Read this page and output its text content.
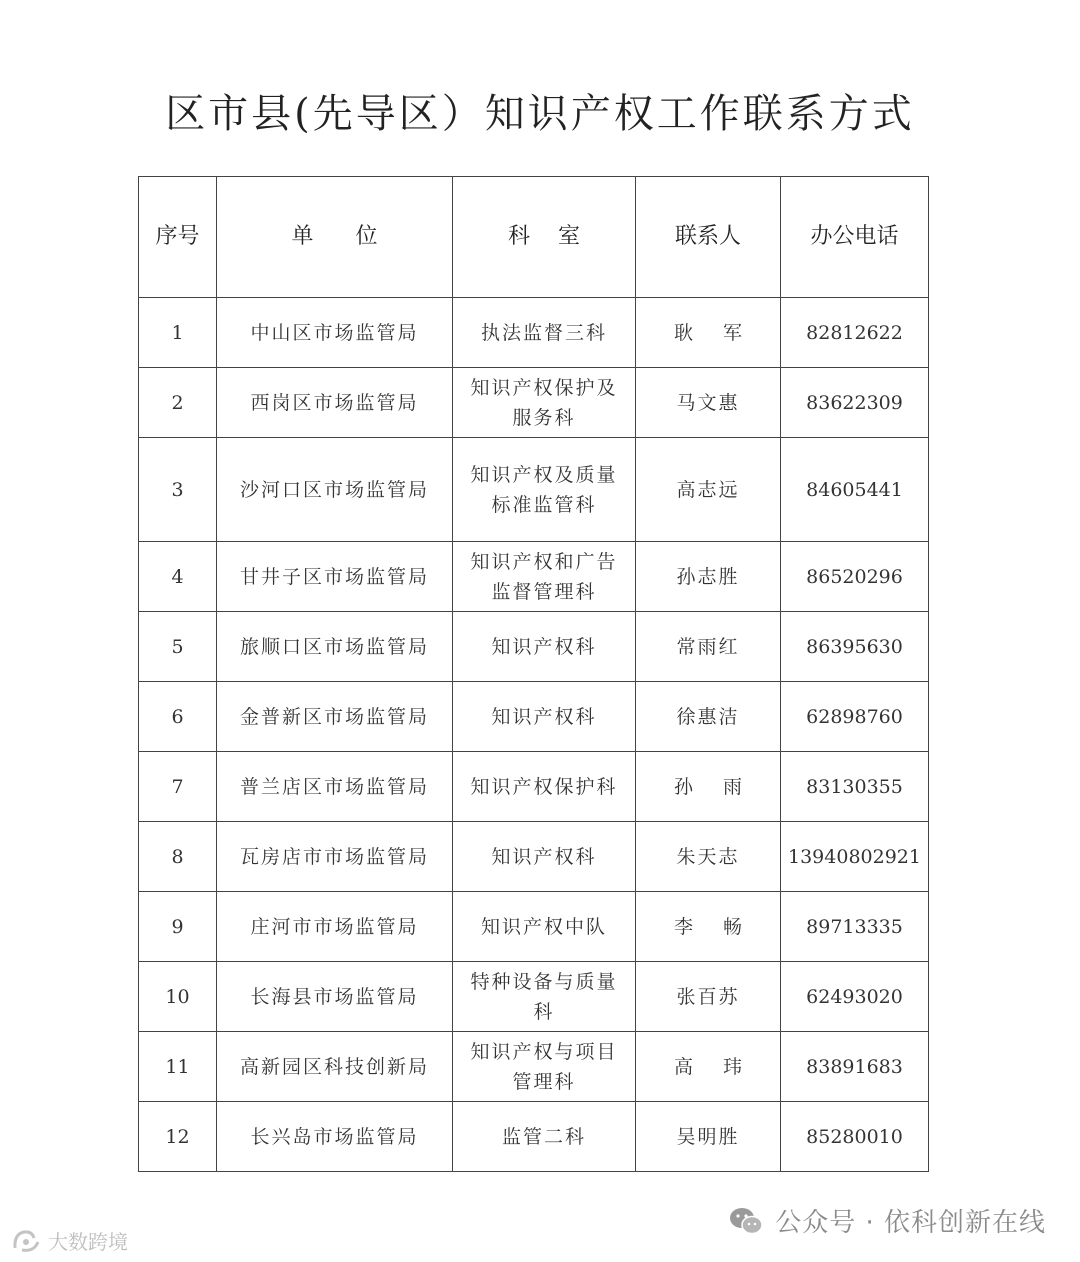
区市县(先导区）知识产权工作联系方式
序号	单位	科室	联系人	办公电话
1	中山区市场监管局	执法监督三科	耿军	82812622
2	西岗区市场监管局	知识产权保护及服务科	马文惠	83622309
3	沙河口区市场监管局	知识产权及质量标准监管科	高志远	84605441
4	甘井子区市场监管局	知识产权和广告监督管理科	孙志胜	86520296
5	旅顺口区市场监管局	知识产权科	常雨红	86395630
6	金普新区市场监管局	知识产权科	徐惠洁	62898760
7	普兰店区市场监管局	知识产权保护科	孙雨	83130355
8	瓦房店市市场监管局	知识产权科	朱天志	13940802921
9	庄河市市场监管局	知识产权中队	李畅	89713335
10	长海县市场监管局	特种设备与质量科	张百苏	62493020
11	高新园区科技创新局	知识产权与项目管理科	高玮	83891683
12	长兴岛市场监管局	监管二科	吴明胜	85280010
公众号 · 依科创新在线
大数跨境
